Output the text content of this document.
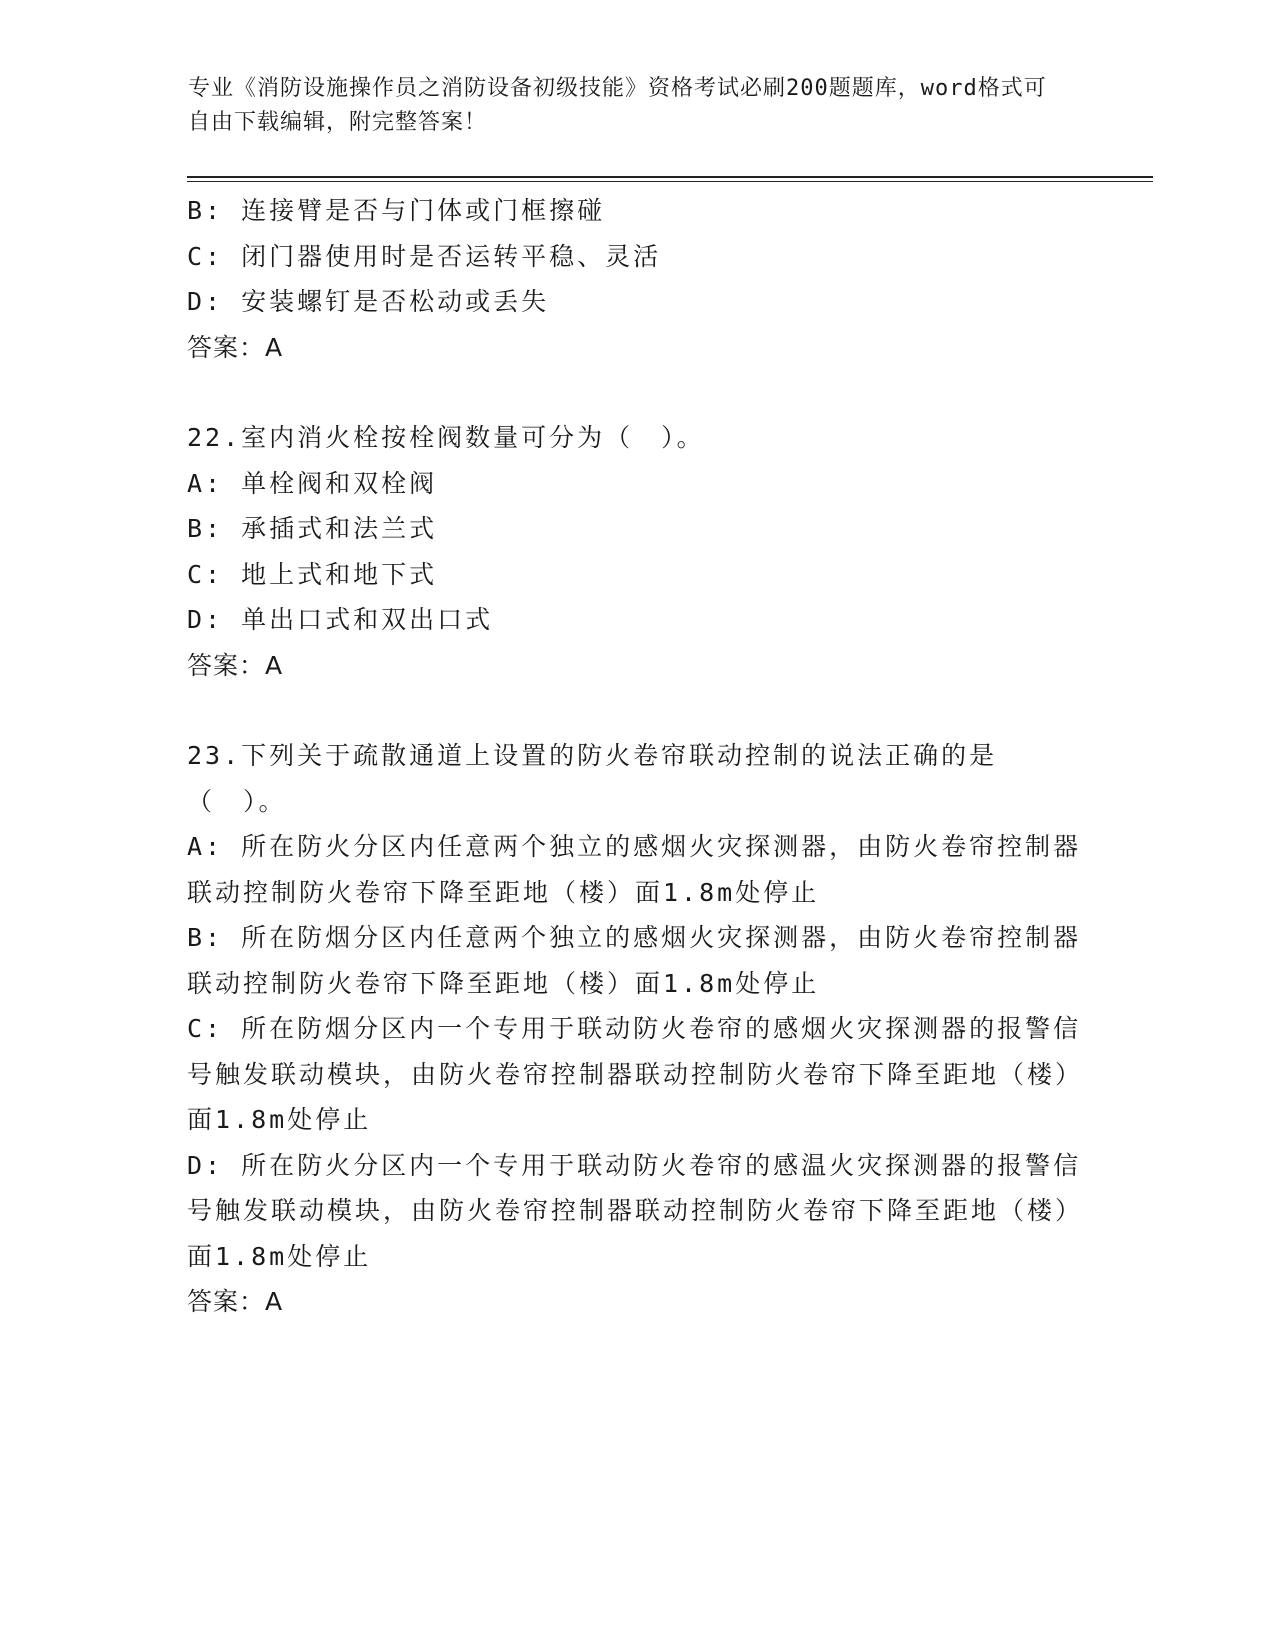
专业《消防设施操作员之消防设备初级技能》资格考试必刷200题题库，word格式可自由下载编辑，附完整答案！
B: 连接臂是否与门体或门框擦碰
C: 闭门器使用时是否运转平稳、灵活
D: 安装螺钉是否松动或丢失
答案：A
22.室内消火栓按栓阀数量可分为（　）。
A: 单栓阀和双栓阀
B: 承插式和法兰式
C: 地上式和地下式
D: 单出口式和双出口式
答案：A
23.下列关于疏散通道上设置的防火卷帘联动控制的说法正确的是（　）。
A: 所在防火分区内任意两个独立的感烟火灾探测器，由防火卷帘控制器联动控制防火卷帘下降至距地（楼）面1.8m处停止
B: 所在防烟分区内任意两个独立的感烟火灾探测器，由防火卷帘控制器联动控制防火卷帘下降至距地（楼）面1.8m处停止
C: 所在防烟分区内一个专用于联动防火卷帘的感烟火灾探测器的报警信号触发联动模块，由防火卷帘控制器联动控制防火卷帘下降至距地（楼）面1.8m处停止
D: 所在防火分区内一个专用于联动防火卷帘的感温火灾探测器的报警信号触发联动模块，由防火卷帘控制器联动控制防火卷帘下降至距地（楼）面1.8m处停止
答案：A
